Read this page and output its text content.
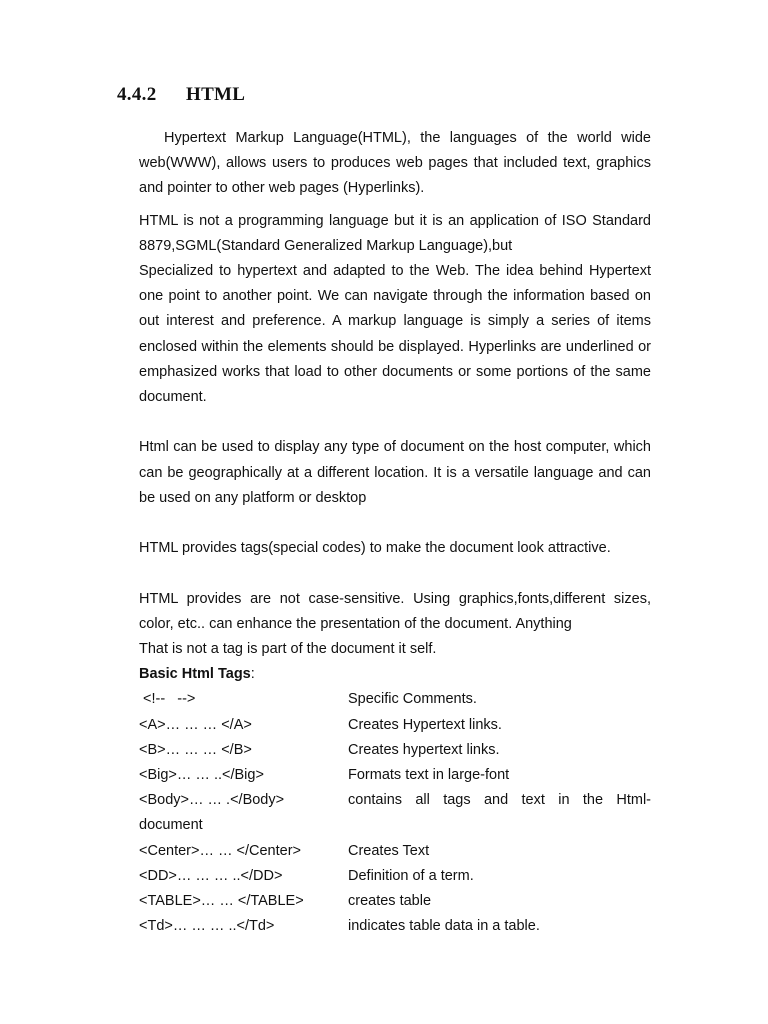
4.4.2 HTML

Hypertext Markup Language(HTML), the languages of the world wide web(WWW), allows users to produces web pages that included text, graphics and pointer to other web pages (Hyperlinks).

HTML is not a programming language but it is an application of ISO Standard 8879,SGML(Standard Generalized Markup Language),but

Specialized to hypertext and adapted to the Web. The idea behind Hypertext one point to another point. We can navigate through the information based on out interest and preference. A markup language is simply a series of items enclosed within the elements should be displayed. Hyperlinks are underlined or emphasized works that load to other documents or some portions of the same document.

Html can be used to display any type of document on the host computer, which can be geographically at a different location. It is a versatile language and can be used on any platform or desktop

HTML provides tags(special codes) to make the document look attractive.

HTML provides are not case-sensitive. Using graphics,fonts,different sizes, color, etc.. can enhance the presentation of the document. Anything

That is not a tag is part of the document it self.

Basic Html Tags:

<!--   -->	Specific Comments.
<A>… … … </A>	Creates Hypertext links.
<B>… … … </B>	Creates hypertext links.
<Big>… … ..</Big>	Formats text in large-font
<Body>… … .</Body>	contains all tags and text in the Html-
document	
<Center>… … </Center>	Creates Text
<DD>… … … ..</DD>	Definition of a term.
<TABLE>… … </TABLE>	creates table
<Td>… … … ..</Td>	indicates table data in a table.
